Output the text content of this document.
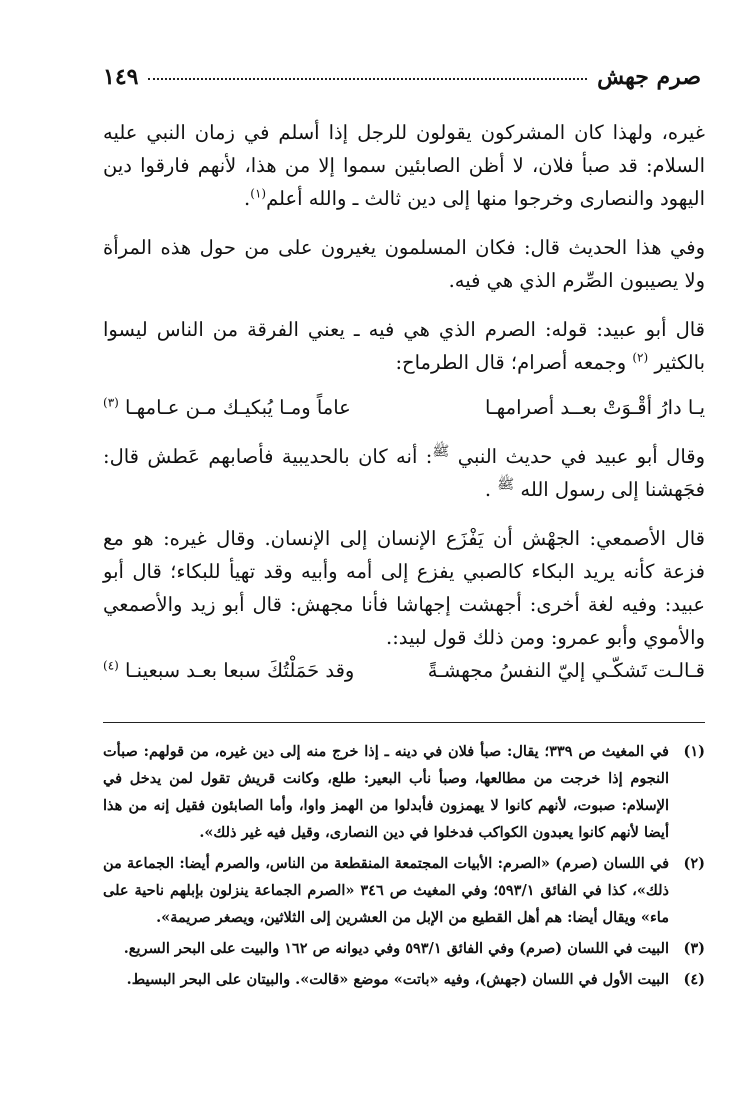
صرم جهش
١٤٩

غيره، ولهذا كان المشركون يقولون للرجل إذا أسلم في زمان النبي عليه السلام: قد صبأ فلان، لا أظن الصابئين سموا إلا من هذا، لأنهم فارقوا دين اليهود والنصارى وخرجوا منها إلى دين ثالث ـ والله أعلم$^{(١)}$.

وفي هذا الحديث قال: فكان المسلمون يغيرون على من حول هذه المرأة ولا يصيبون الصِّرم الذي هي فيه.

قال أبو عبيد: قوله: الصرم الذي هي فيه ـ يعني الفرقة من الناس ليسوا بالكثير $^{(٢)}$ وجمعه أصرام؛ قال الطرماح:

يـا دارُ أقْـوَتْ بعــد أصرامهـا
عاماً ومـا يُبكيـك مـن عـامهـا $^{(٣)}$

وقال أبو عبيد في حديث النبي $^ﷺ$: أنه كان بالحديبية فأصابهم عَطش قال: فجَهشنا إلى رسول الله $^ﷺ$ .

قال الأصمعي: الجهْش أن يَفْزَع الإنسان إلى الإنسان. وقال غيره: هو مع فزعة كأنه يريد البكاء كالصبي يفزع إلى أمه وأبيه وقد تهيأ للبكاء؛ قال أبو عبيد: وفيه لغة أخرى: أجهشت إجهاشا فأنا مجهش: قال أبو زيد والأصمعي والأموي وأبو عمرو: ومن ذلك قول لبيد:.

قـالـت تَشكّـي إليّ النفسُ مجهشـةً
وقد حَمَلْتُكَ سبعا بعـد سبعينـا $^{(٤)}$

(١)
في المغيث ص ٣٣٩؛ يقال: صبأ فلان في دينه ـ إذا خرج منه إلى دين غيره، من قولهم: صبأت النجوم إذا خرجت من مطالعها، وصبأ نأب البعير: طلع، وكانت قريش تقول لمن يدخل في الإسلام: صبوت، لأنهم كانوا لا يهمزون فأبدلوا من الهمز واوا، وأما الصابئون فقيل إنه من هذا أيضا لأنهم كانوا يعبدون الكواكب فدخلوا في دين النصارى، وقيل فيه غير ذلك».

(٢)
في اللسان (صرم) «الصرم: الأبيات المجتمعة المنقطعة من الناس، والصرم أيضا: الجماعة من ذلك»، كذا في الفائق ٥٩٣/١؛ وفي المغيث ص ٣٤٦ «الصرم الجماعة ينزلون بإبلهم ناحية على ماء» ويقال أيضا: هم أهل القطيع من الإبل من العشرين إلى الثلاثين، ويصغر صريمة».

(٣)
البيت في اللسان (صرم) وفي الفائق ٥٩٣/١ وفي ديوانه ص ١٦٢ والبيت على البحر السريع.

(٤)
البيت الأول في اللسان (جهش)، وفيه «باتت» موضع «قالت». والبيتان على البحر البسيط.
